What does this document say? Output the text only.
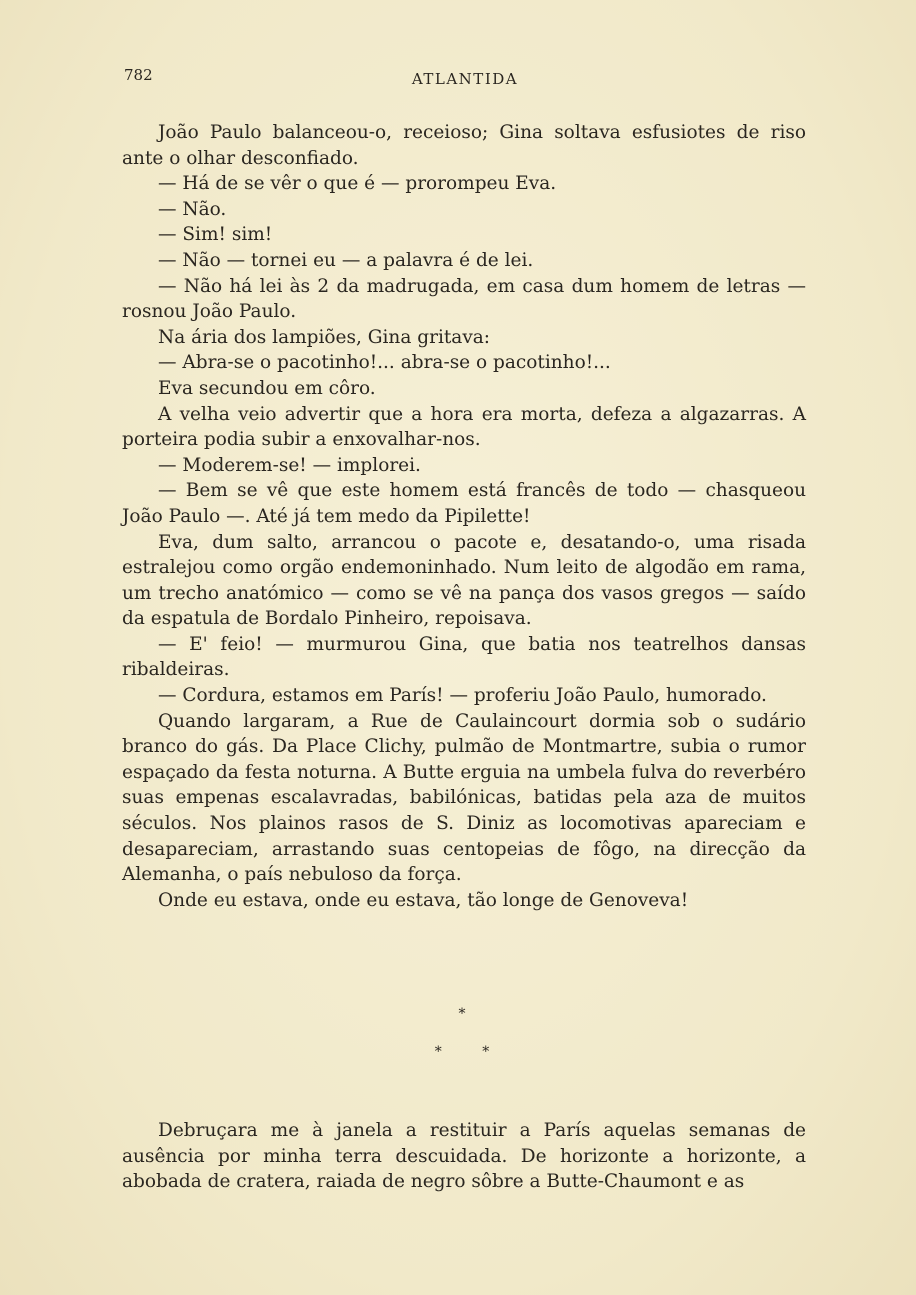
782	ATLANTIDA

João Paulo balanceou-o, receioso; Gina soltava esfusiotes de riso ante o olhar desconfiado.

— Há de se vêr o que é — prorompeu Eva.

— Não.

— Sim! sim!

— Não — tornei eu — a palavra é de lei.

— Não há lei às 2 da madrugada, em casa dum homem de letras — rosnou João Paulo.

Na ária dos lampiões, Gina gritava:

— Abra-se o pacotinho!... abra-se o pacotinho!...

Eva secundou em côro.

A velha veio advertir que a hora era morta, defeza a algazarras. A porteira podia subir a enxovalhar-nos.

— Moderem-se! — implorei.

— Bem se vê que este homem está francês de todo — chasqueou João Paulo —. Até já tem medo da Pipilette!

Eva, dum salto, arrancou o pacote e, desatando-o, uma risada estralejou como orgão endemoninhado. Num leito de algodão em rama, um trecho anatómico — como se vê na pança dos vasos gregos — saído da espatula de Bordalo Pinheiro, repoisava.

— E' feio! — murmurou Gina, que batia nos teatrelhos dansas ribaldeiras.

— Cordura, estamos em París! — proferiu João Paulo, humorado.

Quando largaram, a Rue de Caulaincourt dormia sob o sudário branco do gás. Da Place Clichy, pulmão de Montmartre, subia o rumor espaçado da festa noturna. A Butte erguia na umbela fulva do reverbéro suas empenas escalavradas, babilónicas, batidas pela aza de muitos séculos. Nos plainos rasos de S. Diniz as locomotivas apareciam e desapareciam, arrastando suas centopeias de fôgo, na direcção da Alemanha, o país nebuloso da força.

Onde eu estava, onde eu estava, tão longe de Genoveva!

*
* *

Debruçara me à janela a restituir a París aquelas semanas de ausência por minha terra descuidada. De horizonte a horizonte, a abobada de cratera, raiada de negro sôbre a Butte-Chaumont e as
